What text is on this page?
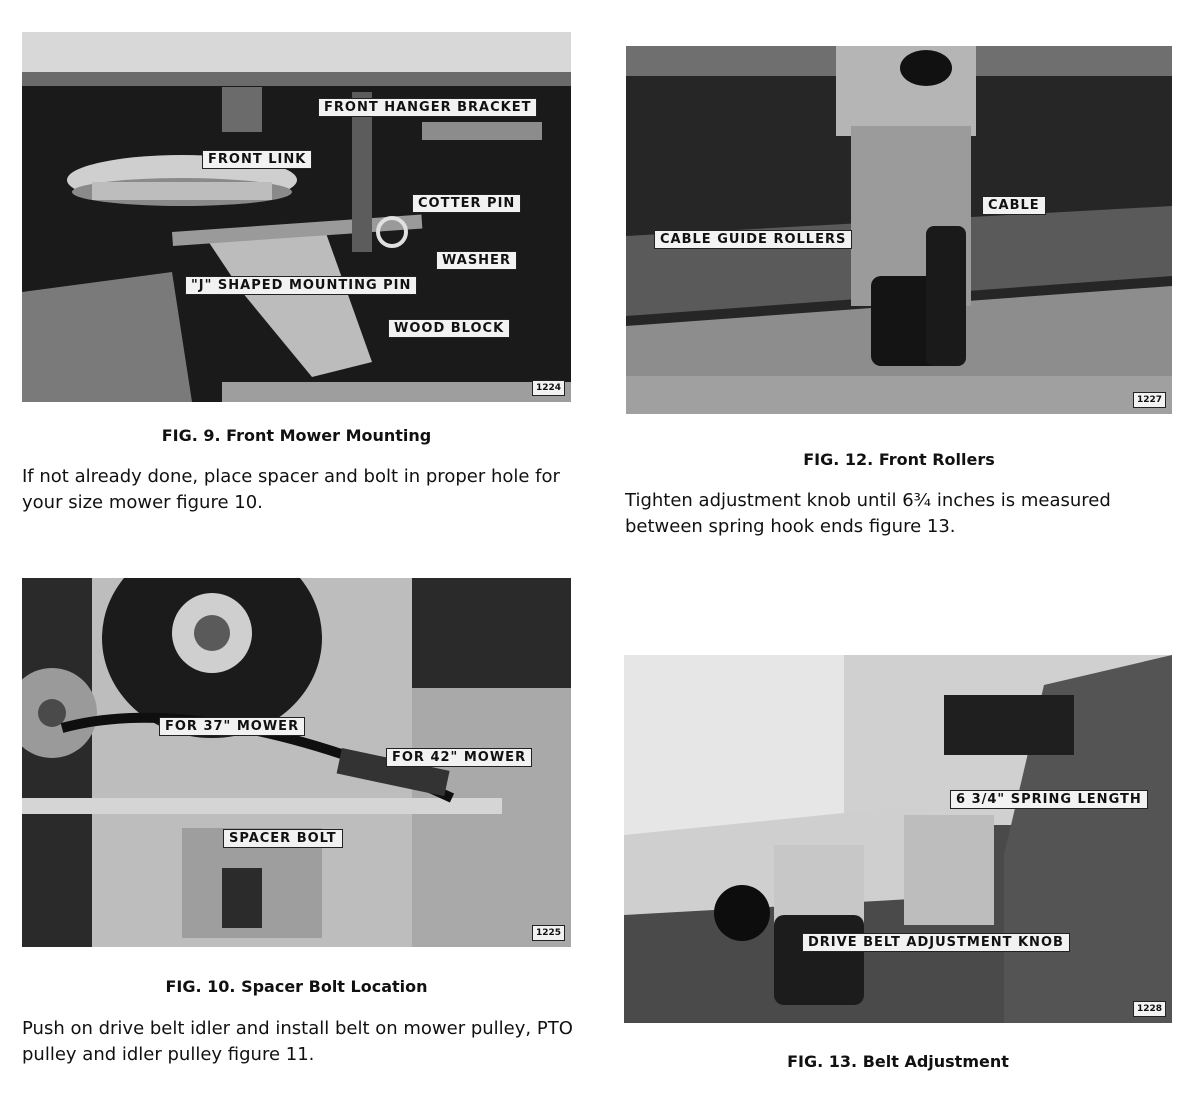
FRONT HANGER BRACKET
FRONT LINK
COTTER PIN
WASHER
"J" SHAPED MOUNTING PIN
WOOD BLOCK
1224
FIG. 9. Front Mower Mounting
If not already done, place spacer and bolt in proper hole for your size mower figure 10.
CABLE
CABLE GUIDE ROLLERS
1227
FIG. 12. Front Rollers
Tighten adjustment knob until 6¾ inches is measured between spring hook ends figure 13.
FOR 37" MOWER
FOR 42" MOWER
SPACER BOLT
1225
FIG. 10. Spacer Bolt Location
Push on drive belt idler and install belt on mower pulley, PTO pulley and idler pulley figure 11.
6 3/4" SPRING LENGTH
DRIVE BELT ADJUSTMENT KNOB
1228
FIG. 13. Belt Adjustment
